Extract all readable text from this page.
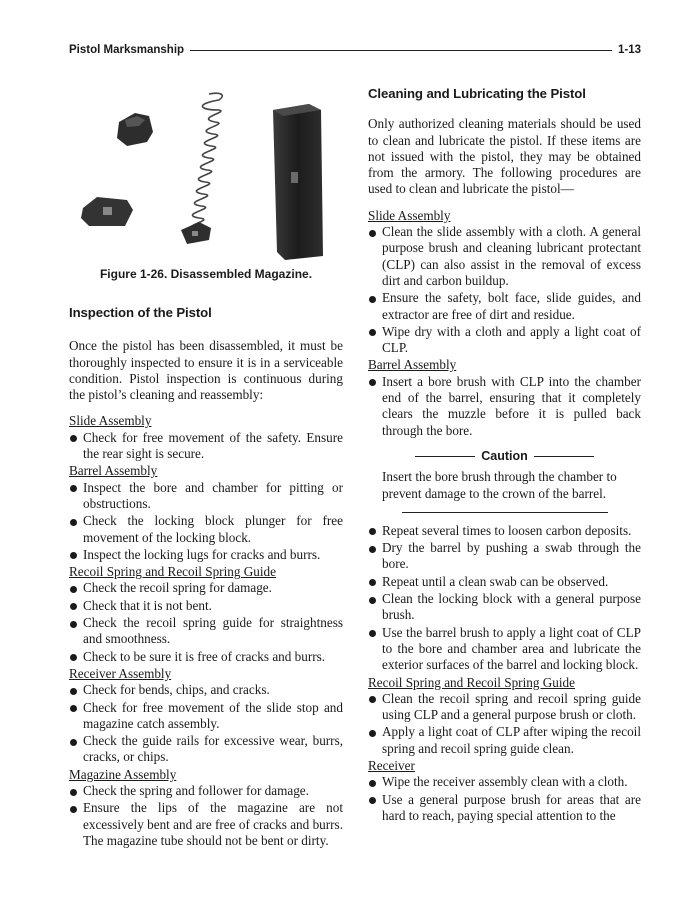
Pistol Marksmanship	1-13
Figure 1-26. Disassembled Magazine.
Inspection of the Pistol

Once the pistol has been disassembled, it must be thoroughly inspected to ensure it is in a serviceable condition. Pistol inspection is continuous during the pistol’s cleaning and reassembly:

Slide Assembly

Check for free movement of the safety. Ensure the rear sight is secure.

Barrel Assembly

Inspect the bore and chamber for pitting or obstructions.
Check the locking block plunger for free movement of the locking block.
Inspect the locking lugs for cracks and burrs.

Recoil Spring and Recoil Spring Guide

Check the recoil spring for damage.
Check that it is not bent.
Check the recoil spring guide for straightness and smoothness.
Check to be sure it is free of cracks and burrs.

Receiver Assembly

Check for bends, chips, and cracks.
Check for free movement of the slide stop and magazine catch assembly.
Check the guide rails for excessive wear, burrs, cracks, or chips.

Magazine Assembly

Check the spring and follower for damage.
Ensure the lips of the magazine are not excessively bent and are free of cracks and burrs. The magazine tube should not be bent or dirty.
Cleaning and Lubricating the Pistol

Only authorized cleaning materials should be used to clean and lubricate the pistol. If these items are not issued with the pistol, they may be obtained from the armory. The following procedures are used to clean and lubricate the pistol—

Slide Assembly

Clean the slide assembly with a cloth. A general purpose brush and cleaning lubricant protectant (CLP) can also assist in the removal of excess dirt and carbon buildup.
Ensure the safety, bolt face, slide guides, and extractor are free of dirt and residue.
Wipe dry with a cloth and apply a light coat of CLP.

Barrel Assembly

Insert a bore brush with CLP into the chamber end of the barrel, ensuring that it completely clears the muzzle before it is pulled back through the bore.
Caution
Insert the bore brush through the chamber to prevent damage to the crown of the barrel.
Repeat several times to loosen carbon deposits.
Dry the barrel by pushing a swab through the bore.
Repeat until a clean swab can be observed.
Clean the locking block with a general purpose brush.
Use the barrel brush to apply a light coat of CLP to the bore and chamber area and lubricate the exterior surfaces of the barrel and locking block.

Recoil Spring and Recoil Spring Guide

Clean the recoil spring and recoil spring guide using CLP and a general purpose brush or cloth.
Apply a light coat of CLP after wiping the recoil spring and recoil spring guide clean.

Receiver

Wipe the receiver assembly clean with a cloth.
Use a general purpose brush for areas that are hard to reach, paying special attention to the
